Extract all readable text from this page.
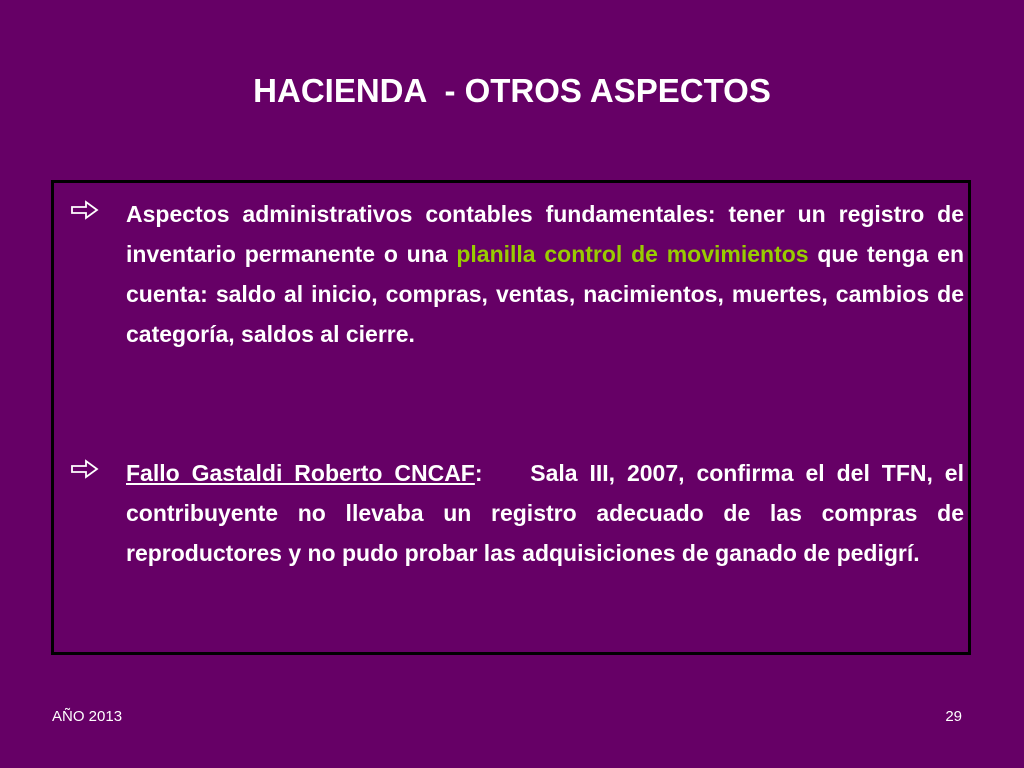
HACIENDA  - OTROS ASPECTOS
Aspectos administrativos contables fundamentales: tener un registro de inventario permanente o una planilla control de movimientos que tenga en cuenta: saldo al inicio, compras, ventas, nacimientos, muertes, cambios de categoría, saldos al cierre.
Fallo Gastaldi Roberto CNCAF:    Sala III, 2007, confirma el del TFN, el contribuyente no llevaba un registro adecuado de las compras de reproductores y no pudo probar las adquisiciones de ganado de pedigrí.
AÑO 2013	29
